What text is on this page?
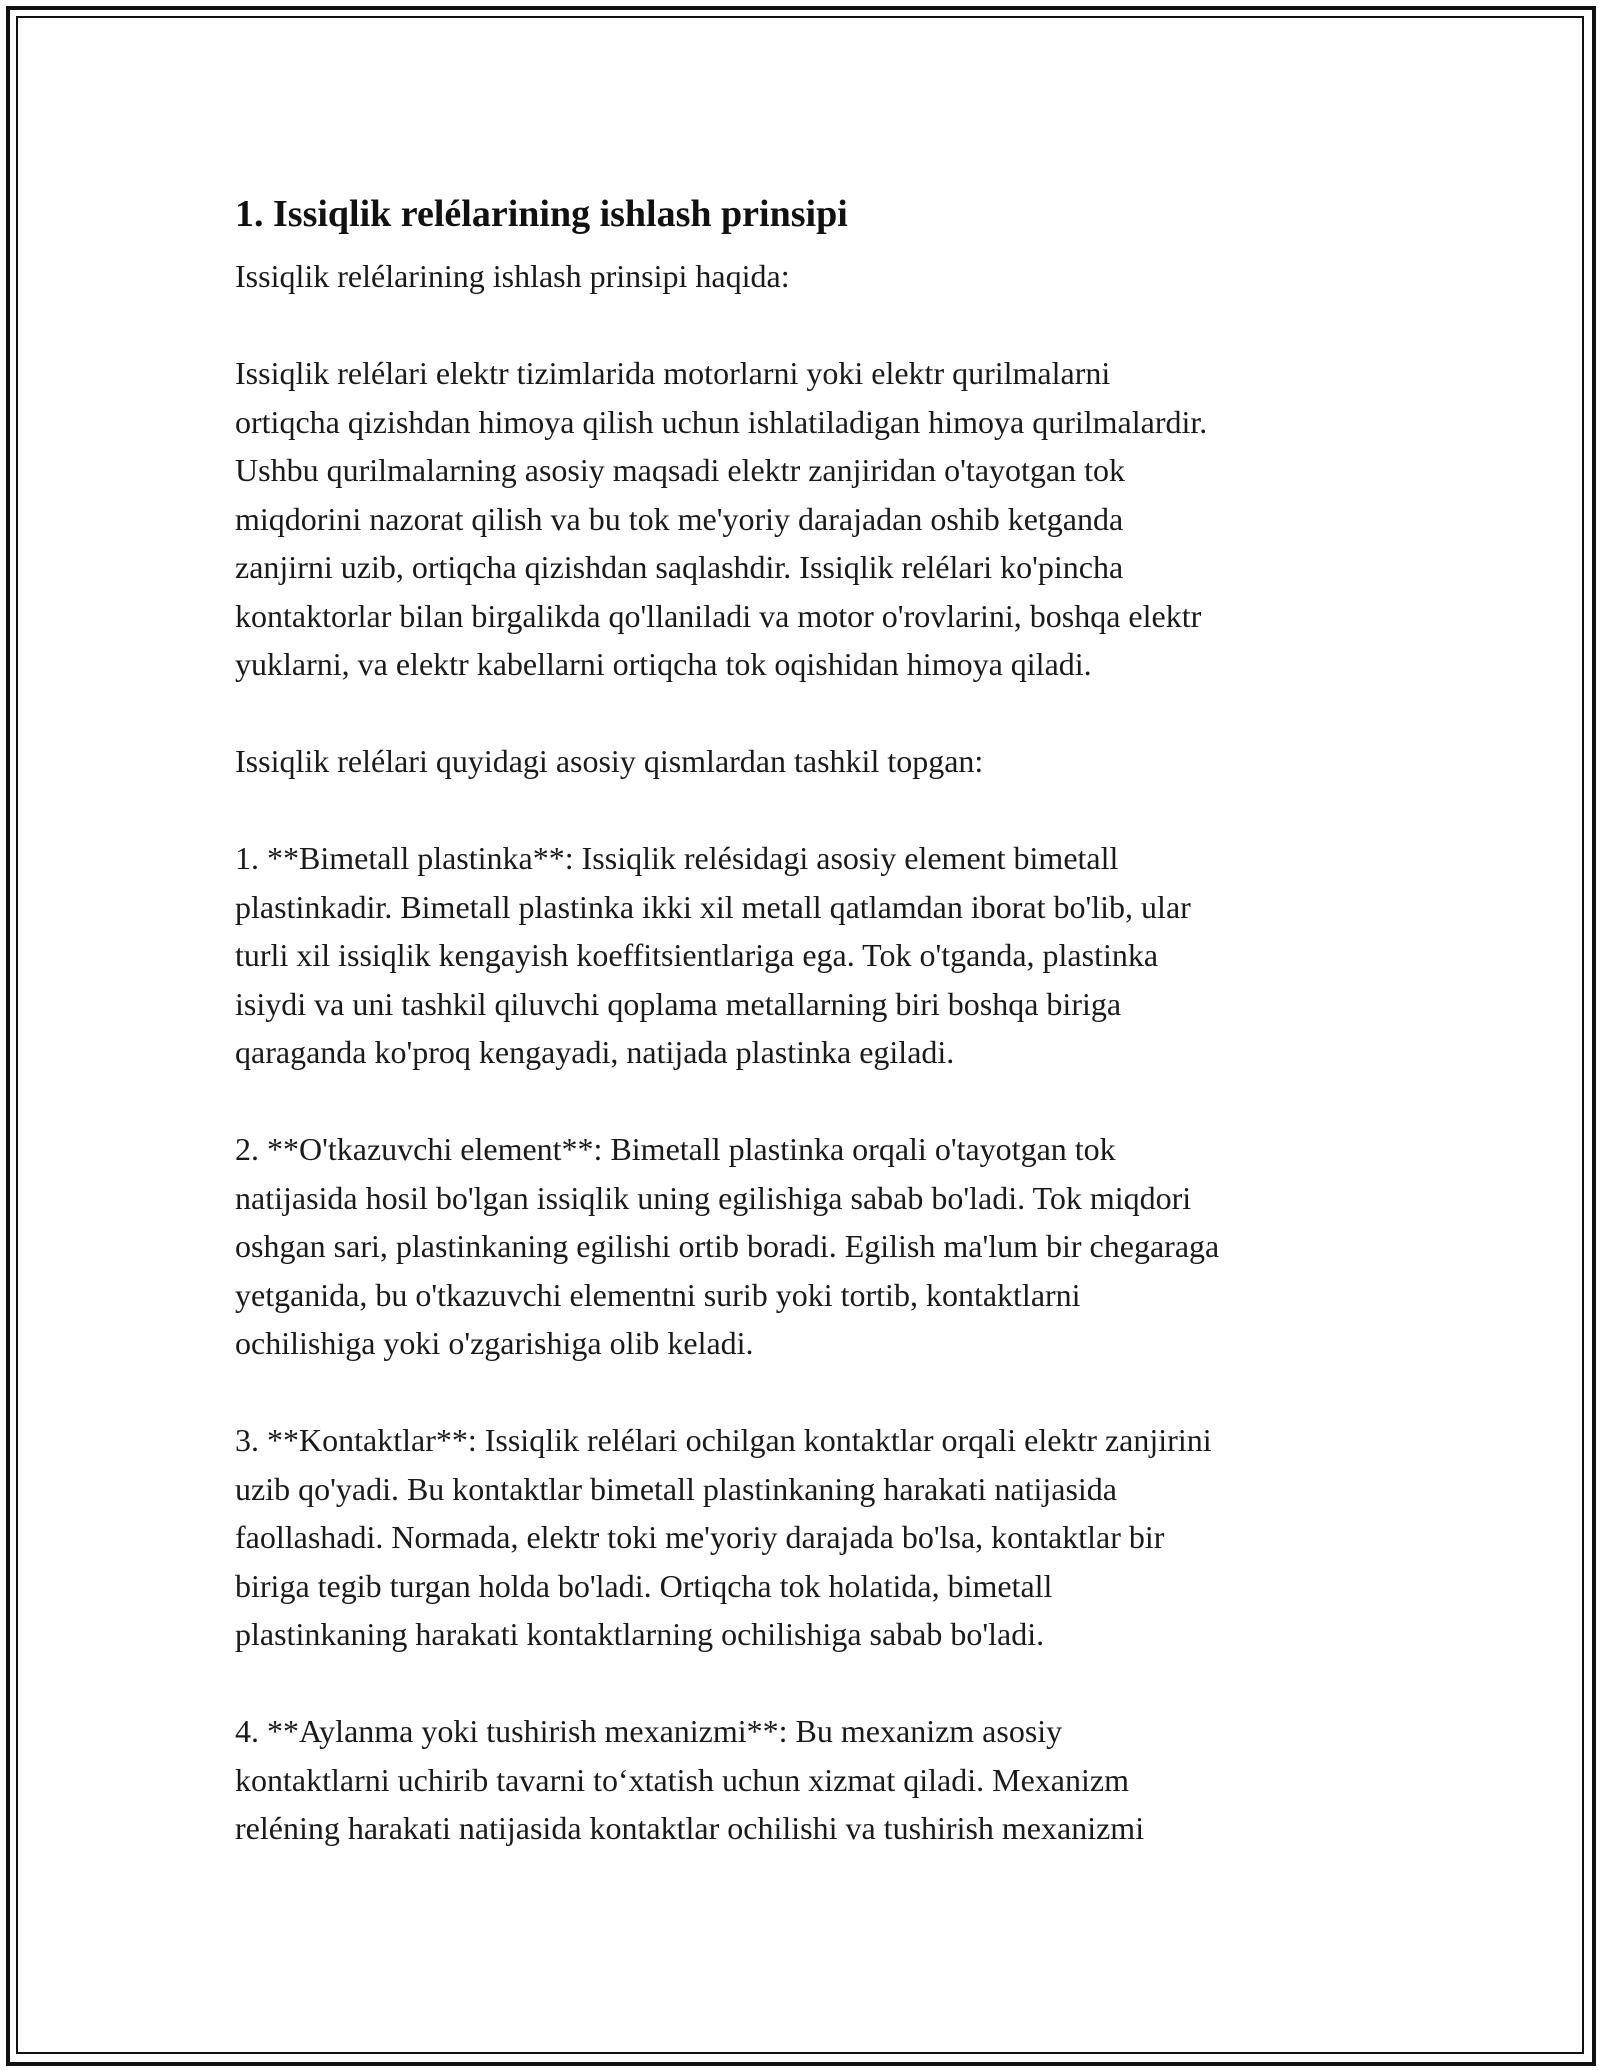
1. Issiqlik relélarining ishlash prinsipi

Issiqlik relélarining ishlash prinsipi haqida:

Issiqlik relélari elektr tizimlarida motorlarni yoki elektr qurilmalarni
ortiqcha qizishdan himoya qilish uchun ishlatiladigan himoya qurilmalardir.
Ushbu qurilmalarning asosiy maqsadi elektr zanjiridan o'tayotgan tok
miqdorini nazorat qilish va bu tok me'yoriy darajadan oshib ketganda
zanjirni uzib, ortiqcha qizishdan saqlashdir. Issiqlik relélari ko'pincha
kontaktorlar bilan birgalikda qo'llaniladi va motor o'rovlarini, boshqa elektr
yuklarni, va elektr kabellarni ortiqcha tok oqishidan himoya qiladi.

Issiqlik relélari quyidagi asosiy qismlardan tashkil topgan:

1. **Bimetall plastinka**: Issiqlik relésidagi asosiy element bimetall
plastinkadir. Bimetall plastinka ikki xil metall qatlamdan iborat bo'lib, ular
turli xil issiqlik kengayish koeffitsientlariga ega. Tok o'tganda, plastinka
isiydi va uni tashkil qiluvchi qoplama metallarning biri boshqa biriga
qaraganda ko'proq kengayadi, natijada plastinka egiladi.

2. **O'tkazuvchi element**: Bimetall plastinka orqali o'tayotgan tok
natijasida hosil bo'lgan issiqlik uning egilishiga sabab bo'ladi. Tok miqdori
oshgan sari, plastinkaning egilishi ortib boradi. Egilish ma'lum bir chegaraga
yetganida, bu o'tkazuvchi elementni surib yoki tortib, kontaktlarni
ochilishiga yoki o'zgarishiga olib keladi.

3. **Kontaktlar**: Issiqlik relélari ochilgan kontaktlar orqali elektr zanjirini
uzib qo'yadi. Bu kontaktlar bimetall plastinkaning harakati natijasida
faollashadi. Normada, elektr toki me'yoriy darajada bo'lsa, kontaktlar bir
biriga tegib turgan holda bo'ladi. Ortiqcha tok holatida, bimetall
plastinkaning harakati kontaktlarning ochilishiga sabab bo'ladi.

4. **Aylanma yoki tushirish mexanizmi**: Bu mexanizm asosiy
kontaktlarni uchirib tavarni to‘xtatish uchun xizmat qiladi. Mexanizm
reléning harakati natijasida kontaktlar ochilishi va tushirish mexanizmi
